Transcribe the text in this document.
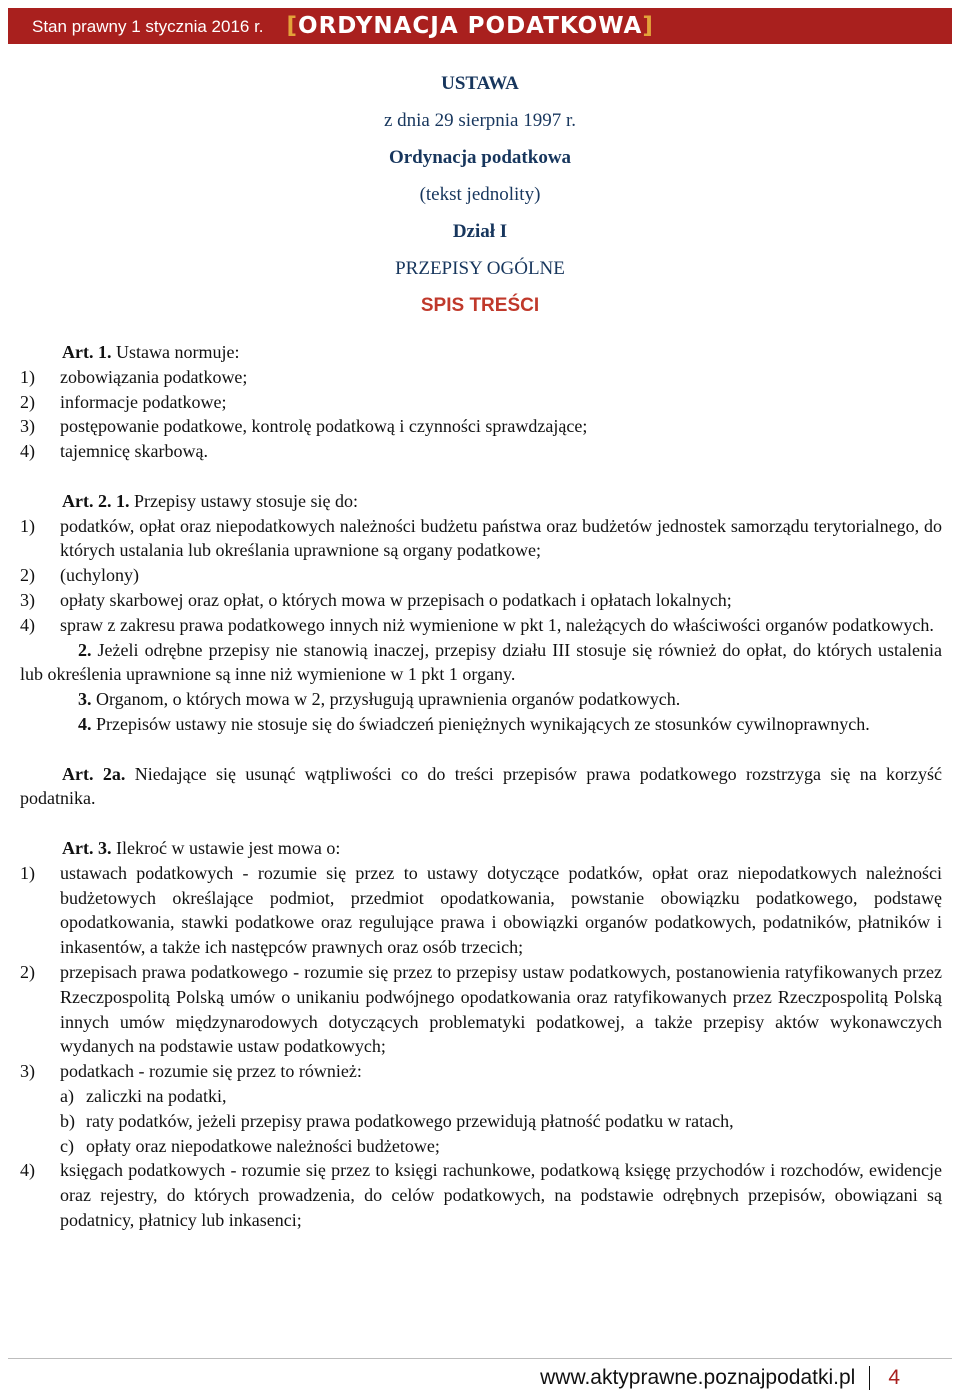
Stan prawny 1 stycznia 2016 r. [ORDYNACJA PODATKOWA]
USTAWA
z dnia 29 sierpnia 1997 r.
Ordynacja podatkowa
(tekst jednolity)
Dział I
PRZEPISY OGÓLNE
SPIS TREŚCI
Art. 1. Ustawa normuje:
1)	zobowiązania podatkowe;
2)	informacje podatkowe;
3)	postępowanie podatkowe, kontrolę podatkową i czynności sprawdzające;
4)	tajemnicę skarbową.
Art. 2. 1. Przepisy ustawy stosuje się do:
1)	podatków, opłat oraz niepodatkowych należności budżetu państwa oraz budżetów jednostek samorządu terytorialnego, do których ustalania lub określania uprawnione są organy podatkowe;
2)	(uchylony)
3)	opłaty skarbowej oraz opłat, o których mowa w przepisach o podatkach i opłatach lokalnych;
4)	spraw z zakresu prawa podatkowego innych niż wymienione w pkt 1, należących do właściwości organów podatkowych.
2. Jeżeli odrębne przepisy nie stanowią inaczej, przepisy działu III stosuje się również do opłat, do których ustalenia lub określenia uprawnione są inne niż wymienione w 1 pkt 1 organy.
3. Organom, o których mowa w 2, przysługują uprawnienia organów podatkowych.
4. Przepisów ustawy nie stosuje się do świadczeń pieniężnych wynikających ze stosunków cywilnoprawnych.
Art. 2a. Niedające się usunąć wątpliwości co do treści przepisów prawa podatkowego rozstrzyga się na korzyść podatnika.
Art. 3. Ilekroć w ustawie jest mowa o:
1)	ustawach podatkowych - rozumie się przez to ustawy dotyczące podatków, opłat oraz niepodatkowych należności budżetowych określające podmiot, przedmiot opodatkowania, powstanie obowiązku podatkowego, podstawę opodatkowania, stawki podatkowe oraz regulujące prawa i obowiązki organów podatkowych, podatników, płatników i inkasentów, a także ich następców prawnych oraz osób trzecich;
2)	przepisach prawa podatkowego - rozumie się przez to przepisy ustaw podatkowych, postanowienia ratyfikowanych przez Rzeczpospolitą Polską umów o unikaniu podwójnego opodatkowania oraz ratyfikowanych przez Rzeczpospolitą Polską innych umów międzynarodowych dotyczących problematyki podatkowej, a także przepisy aktów wykonawczych wydanych na podstawie ustaw podatkowych;
3)	podatkach - rozumie się przez to również:
a) zaliczki na podatki,
b) raty podatków, jeżeli przepisy prawa podatkowego przewidują płatność podatku w ratach,
c) opłaty oraz niepodatkowe należności budżetowe;
4)	księgach podatkowych - rozumie się przez to księgi rachunkowe, podatkową księgę przychodów i rozchodów, ewidencje oraz rejestry, do których prowadzenia, do celów podatkowych, na podstawie odrębnych przepisów, obowiązani są podatnicy, płatnicy lub inkasenci;
www.aktyprawne.poznajpodatki.pl 4
